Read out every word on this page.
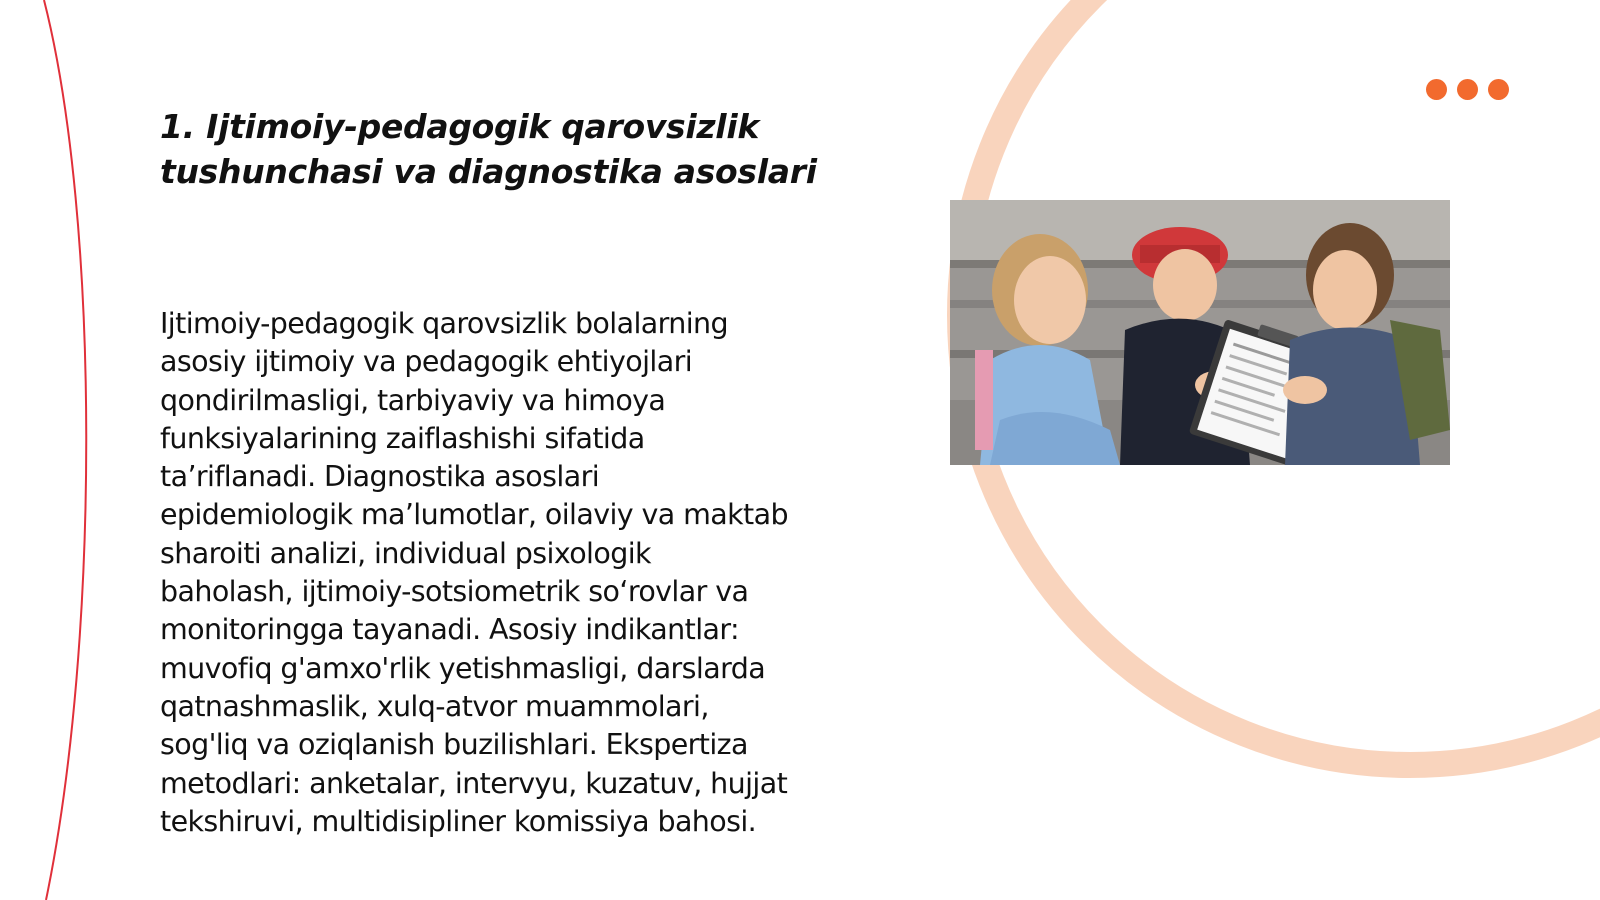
1. Ijtimoiy-pedagogik qarovsizlik
tushunchasi va diagnostika asoslari

Ijtimoiy-pedagogik qarovsizlik bolalarning
asosiy ijtimoiy va pedagogik ehtiyojlari
qondirilmasligi, tarbiyaviy va himoya
funksiyalarining zaiflashishi sifatida
ta’riflanadi. Diagnostika asoslari
epidemiologik ma’lumotlar, oilaviy va maktab
sharoiti analizi, individual psixologik
baholash, ijtimoiy-sotsiometrik so‘rovlar va
monitoringga tayanadi. Asosiy indikantlar:
muvofiq g'amxo'rlik yetishmasligi, darslarda
qatnashmaslik, xulq-atvor muammolari,
sog'liq va oziqlanish buzilishlari. Ekspertiza
metodlari: anketalar, intervyu, kuzatuv, hujjat
tekshiruvi, multidisipliner komissiya bahosi.
